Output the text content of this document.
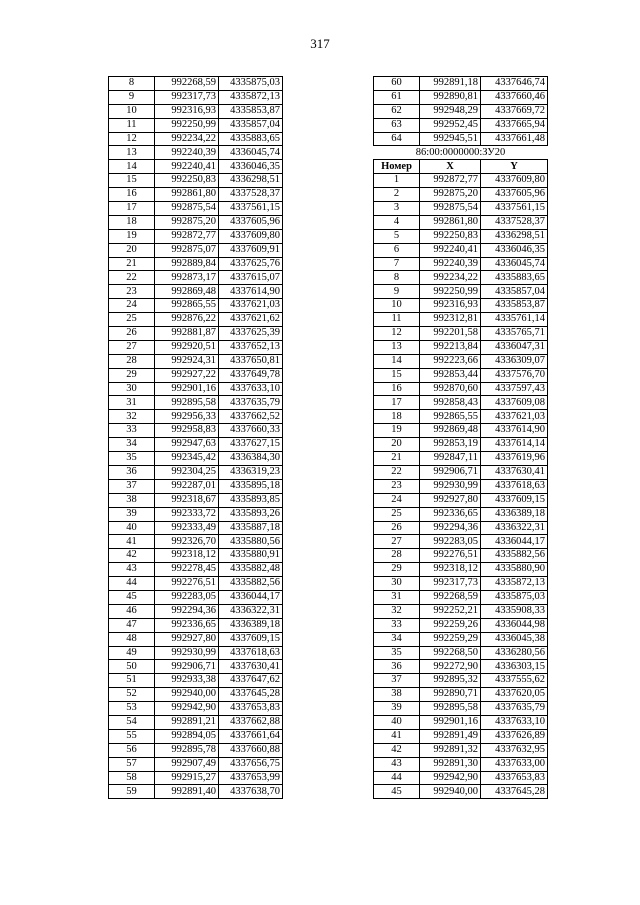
317
8	992268,59	4335875,03
9	992317,73	4335872,13
10	992316,93	4335853,87
11	992250,99	4335857,04
12	992234,22	4335883,65
13	992240,39	4336045,74
14	992240,41	4336046,35
15	992250,83	4336298,51
16	992861,80	4337528,37
17	992875,54	4337561,15
18	992875,20	4337605,96
19	992872,77	4337609,80
20	992875,07	4337609,91
21	992889,84	4337625,76
22	992873,17	4337615,07
23	992869,48	4337614,90
24	992865,55	4337621,03
25	992876,22	4337621,62
26	992881,87	4337625,39
27	992920,51	4337652,13
28	992924,31	4337650,81
29	992927,22	4337649,78
30	992901,16	4337633,10
31	992895,58	4337635,79
32	992956,33	4337662,52
33	992958,83	4337660,33
34	992947,63	4337627,15
35	992345,42	4336384,30
36	992304,25	4336319,23
37	992287,01	4335895,18
38	992318,67	4335893,85
39	992333,72	4335893,26
40	992333,49	4335887,18
41	992326,70	4335880,56
42	992318,12	4335880,91
43	992278,45	4335882,48
44	992276,51	4335882,56
45	992283,05	4336044,17
46	992294,36	4336322,31
47	992336,65	4336389,18
48	992927,80	4337609,15
49	992930,99	4337618,63
50	992906,71	4337630,41
51	992933,38	4337647,62
52	992940,00	4337645,28
53	992942,90	4337653,83
54	992891,21	4337662,88
55	992894,05	4337661,64
56	992895,78	4337660,88
57	992907,49	4337656,75
58	992915,27	4337653,99
59	992891,40	4337638,70
60	992891,18	4337646,74
61	992890,81	4337660,46
62	992948,29	4337669,72
63	992952,45	4337665,94
64	992945,51	4337661,48
86:00:0000000:ЗУ20		
Номер	X	Y
1	992872,77	4337609,80
2	992875,20	4337605,96
3	992875,54	4337561,15
4	992861,80	4337528,37
5	992250,83	4336298,51
6	992240,41	4336046,35
7	992240,39	4336045,74
8	992234,22	4335883,65
9	992250,99	4335857,04
10	992316,93	4335853,87
11	992312,81	4335761,14
12	992201,58	4335765,71
13	992213,84	4336047,31
14	992223,66	4336309,07
15	992853,44	4337576,70
16	992870,60	4337597,43
17	992858,43	4337609,08
18	992865,55	4337621,03
19	992869,48	4337614,90
20	992853,19	4337614,14
21	992847,11	4337619,96
22	992906,71	4337630,41
23	992930,99	4337618,63
24	992927,80	4337609,15
25	992336,65	4336389,18
26	992294,36	4336322,31
27	992283,05	4336044,17
28	992276,51	4335882,56
29	992318,12	4335880,90
30	992317,73	4335872,13
31	992268,59	4335875,03
32	992252,21	4335908,33
33	992259,26	4336044,98
34	992259,29	4336045,38
35	992268,50	4336280,56
36	992272,90	4336303,15
37	992895,32	4337555,62
38	992890,71	4337620,05
39	992895,58	4337635,79
40	992901,16	4337633,10
41	992891,49	4337626,89
42	992891,32	4337632,95
43	992891,30	4337633,00
44	992942,90	4337653,83
45	992940,00	4337645,28
